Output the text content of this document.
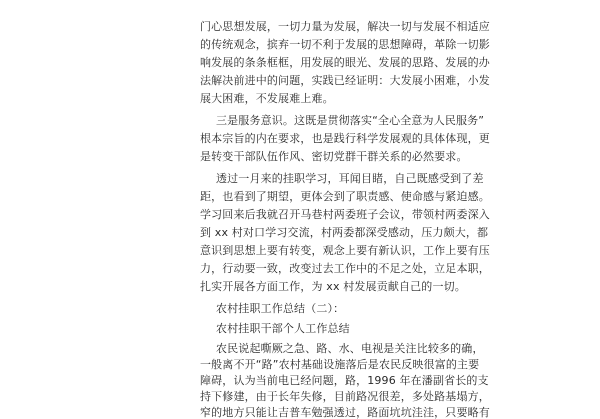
门心思想发展，一切力量为发展，解决一切与发展不相适应
的传统观念，摈弃一切不利于发展的思想障碍，革除一切影
响发展的条条框框，用发展的眼光、发展的思路、发展的办
法解决前进中的问题，实践已经证明：大发展小困难，小发
展大困难，不发展难上难。
三是服务意识。这既是贯彻落实“全心全意为人民服务”
根本宗旨的内在要求，也是践行科学发展观的具体体现，更
是转变干部队伍作风、密切党群干群关系的必然要求。
透过一月来的挂职学习，耳闻目睹，自己既感受到了差
距，也看到了期望，更体会到了职责感、使命感与紧迫感。
学习回来后我就召开马巷村两委班子会议，带领村两委深入
到 xx 村对口学习交流，村两委都深受感动，压力颇大，都
意识到思想上要有转变，观念上要有新认识，工作上要有压
力，行动要一致，改变过去工作中的不足之处，立足本职，
扎实开展各方面工作，为 xx 村发展贡献自己的一切。
农村挂职工作总结（二）：
农村挂职干部个人工作总结
农民说起嘶厥之急、路、水、电视是关注比较多的确，
一般离不开“路”农村基础设施落后是农民反映很富的主要
障碍，认为当前电已经问题，路，1996 年在潘副省长的支
持下修建，由于长年失修，目前路况很差，多处路基塌方，
窄的地方只能让吉普车勉强透过，路面坑坑洼洼，只要略有
